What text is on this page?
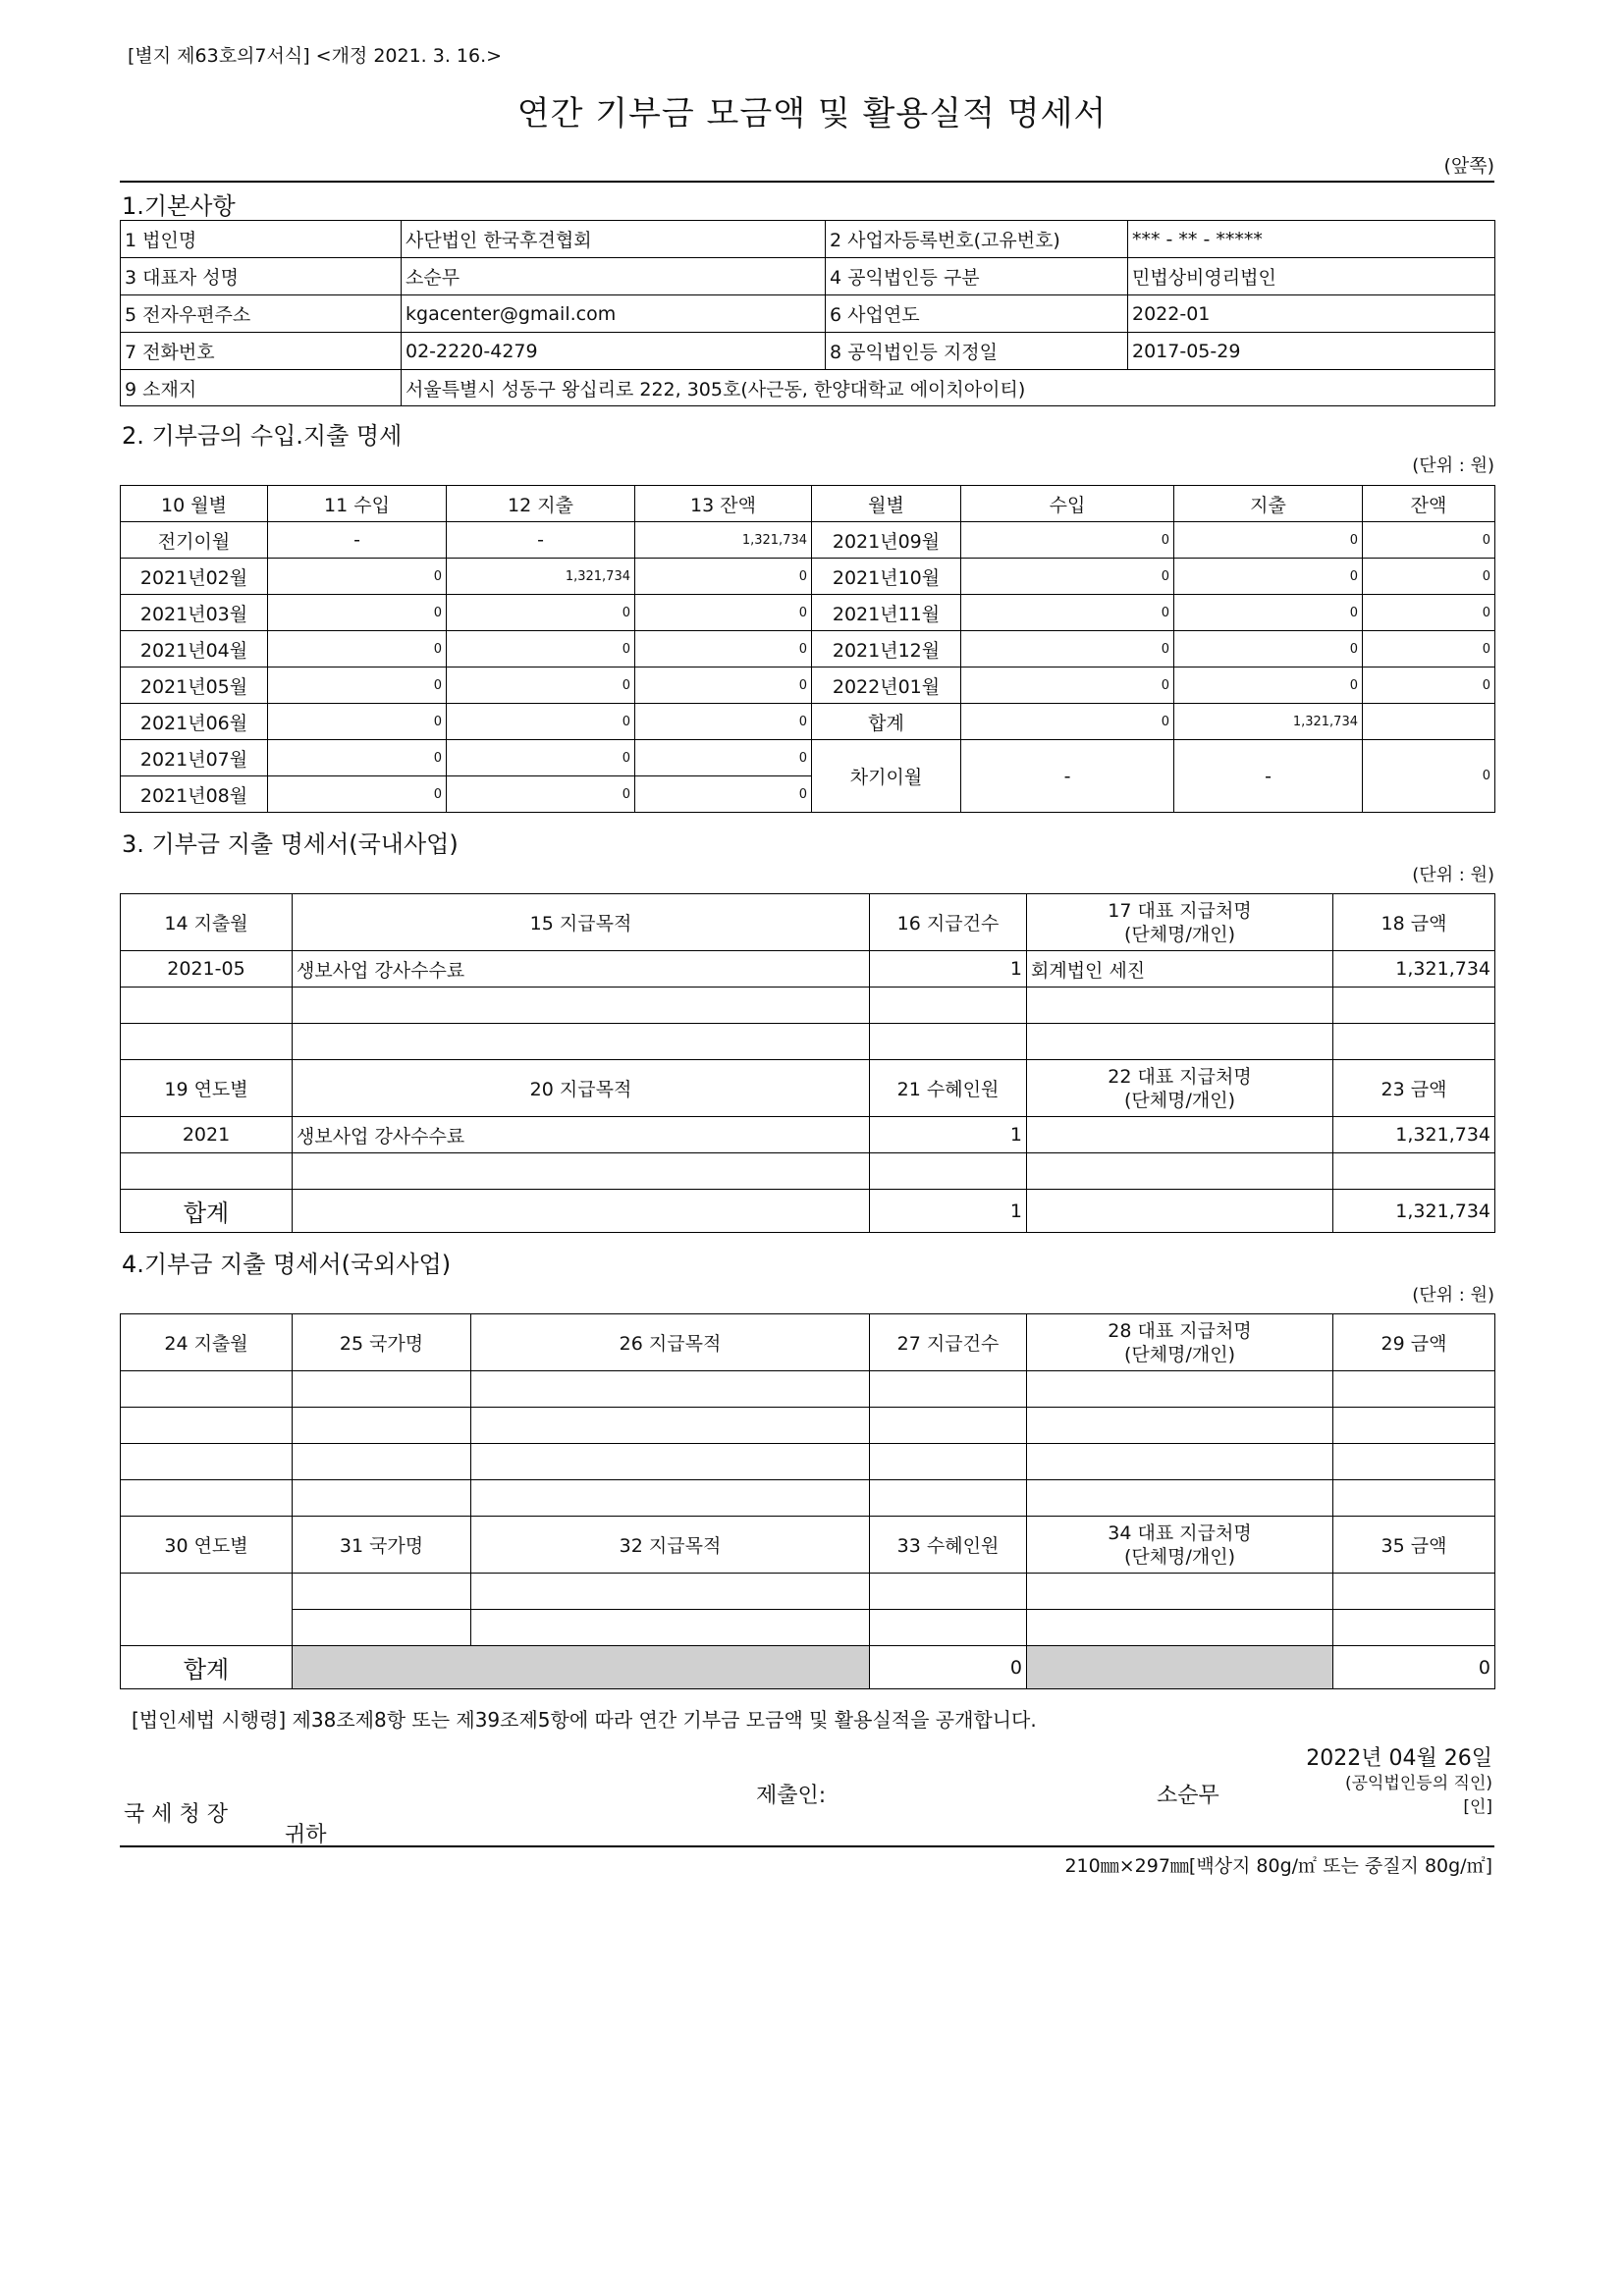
[별지 제63호의7서식] <개정 2021. 3. 16.>
연간 기부금 모금액 및 활용실적 명세서
(앞쪽)
1.기본사항
1 법인명	사단법인 한국후견협회	2 사업자등록번호(고유번호)	*** - ** - *****
3 대표자 성명	소순무	4 공익법인등 구분	민법상비영리법인
5 전자우편주소	kgacenter@gmail.com	6 사업연도	2022-01
7 전화번호	02-2220-4279	8 공익법인등 지정일	2017-05-29
9 소재지	서울특별시 성동구 왕십리로 222, 305호(사근동, 한양대학교 에이치아이티)		
2. 기부금의 수입.지출 명세
(단위 : 원)
10 월별	11 수입	12 지출	13 잔액	월별	수입	지출	잔액
전기이월	-	-	1,321,734	2021년09월	0	0	0
2021년02월	0	1,321,734	0	2021년10월	0	0	0
2021년03월	0	0	0	2021년11월	0	0	0
2021년04월	0	0	0	2021년12월	0	0	0
2021년05월	0	0	0	2022년01월	0	0	0
2021년06월	0	0	0	합계	0	1,321,734	
2021년07월	0	0	0	차기이월	-	-	0
2021년08월	0	0	0				
3. 기부금 지출 명세서(국내사업)
(단위 : 원)
14 지출월	15 지급목적	16 지급건수	17 대표 지급처명
(단체명/개인)	18 금액
2021-05	생보사업 강사수수료	1	회계법인 세진	1,321,734

19 연도별	20 지급목적	21 수혜인원	22 대표 지급처명
(단체명/개인)	23 금액
2021	생보사업 강사수수료	1		1,321,734

합계		1		1,321,734
4.기부금 지출 명세서(국외사업)
(단위 : 원)
24 지출월	25 국가명	26 지급목적	27 지급건수	28 대표 지급처명
(단체명/개인)	29 금액

30 연도별	31 국가명	32 지급목적	33 수혜인원	34 대표 지급처명
(단체명/개인)	35 금액

합계			0		0
[법인세법 시행령] 제38조제8항 또는 제39조제5항에 따라 연간 기부금 모금액 및 활용실적을 공개합니다.
2022년 04월 26일
제출인:	소순무	(공익법인등의 직인)
[인]
국 세 청 장
귀하
210㎜×297㎜[백상지 80g/㎡ 또는 중질지 80g/㎡]
